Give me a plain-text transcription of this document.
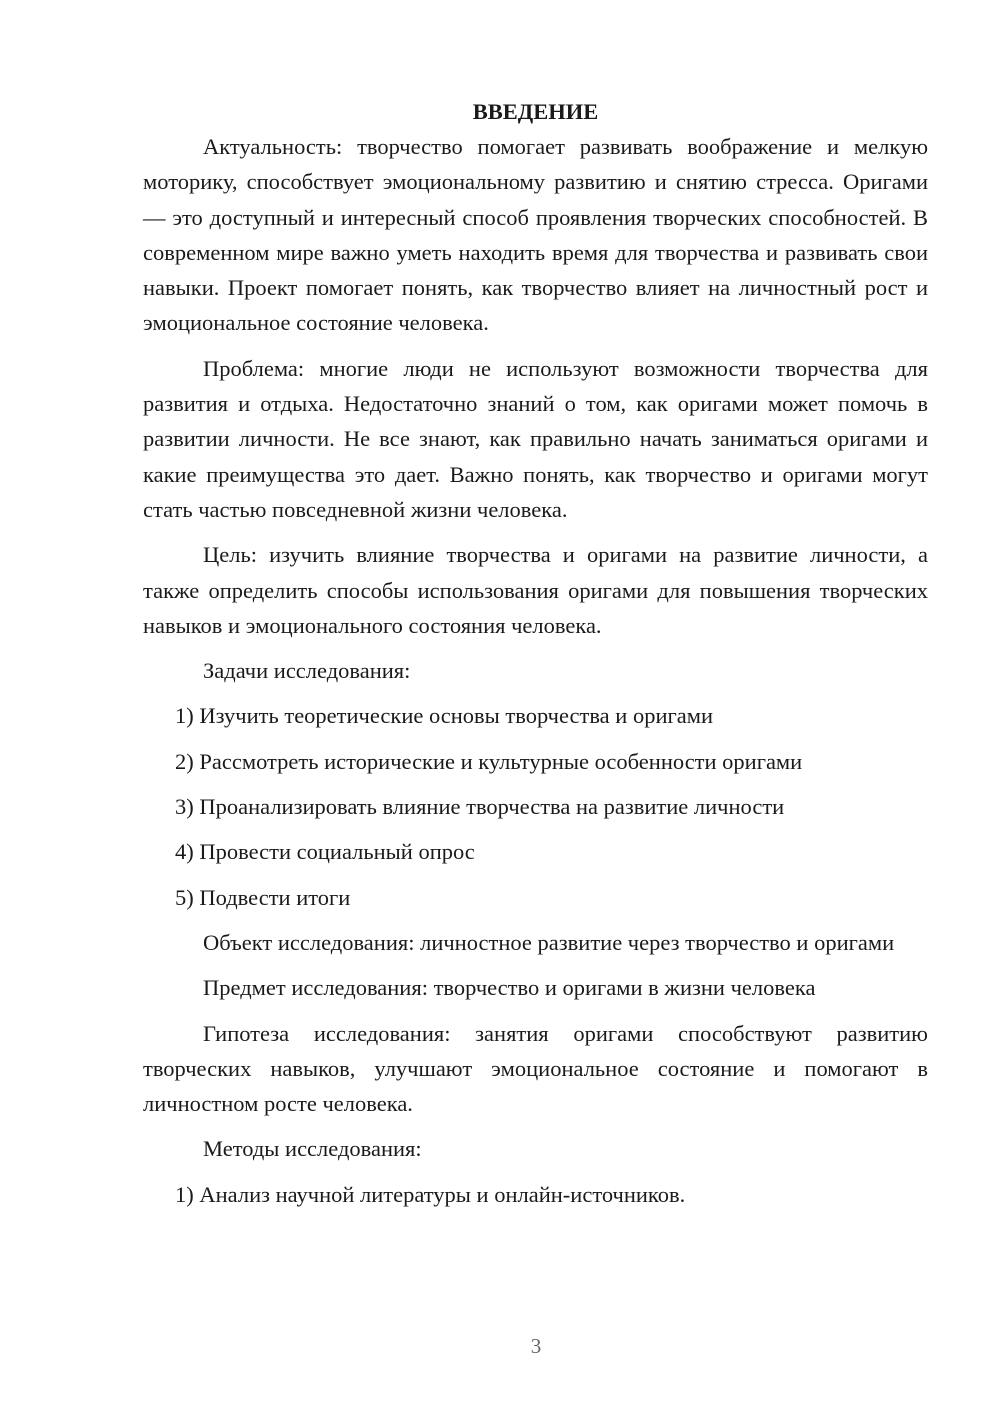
ВВЕДЕНИЕ

Актуальность: творчество помогает развивать воображение и мелкую моторику, способствует эмоциональному развитию и снятию стресса. Оригами — это доступный и интересный способ проявления творческих способностей. В современном мире важно уметь находить время для творчества и развивать свои навыки. Проект помогает понять, как творчество влияет на личностный рост и эмоциональное состояние человека.

Проблема: многие люди не используют возможности творчества для развития и отдыха. Недостаточно знаний о том, как оригами может помочь в развитии личности. Не все знают, как правильно начать заниматься оригами и какие преимущества это дает. Важно понять, как творчество и оригами могут стать частью повседневной жизни человека.

Цель: изучить влияние творчества и оригами на развитие личности, а также определить способы использования оригами для повышения творческих навыков и эмоционального состояния человека.

Задачи исследования:

1) Изучить теоретические основы творчества и оригами

2) Рассмотреть исторические и культурные особенности оригами

3) Проанализировать влияние творчества на развитие личности

4) Провести социальный опрос

5) Подвести итоги

Объект исследования: личностное развитие через творчество и оригами

Предмет исследования: творчество и оригами в жизни человека

Гипотеза исследования: занятия оригами способствуют развитию творческих навыков, улучшают эмоциональное состояние и помогают в личностном росте человека.

Методы исследования:

1) Анализ научной литературы и онлайн-источников.

3
